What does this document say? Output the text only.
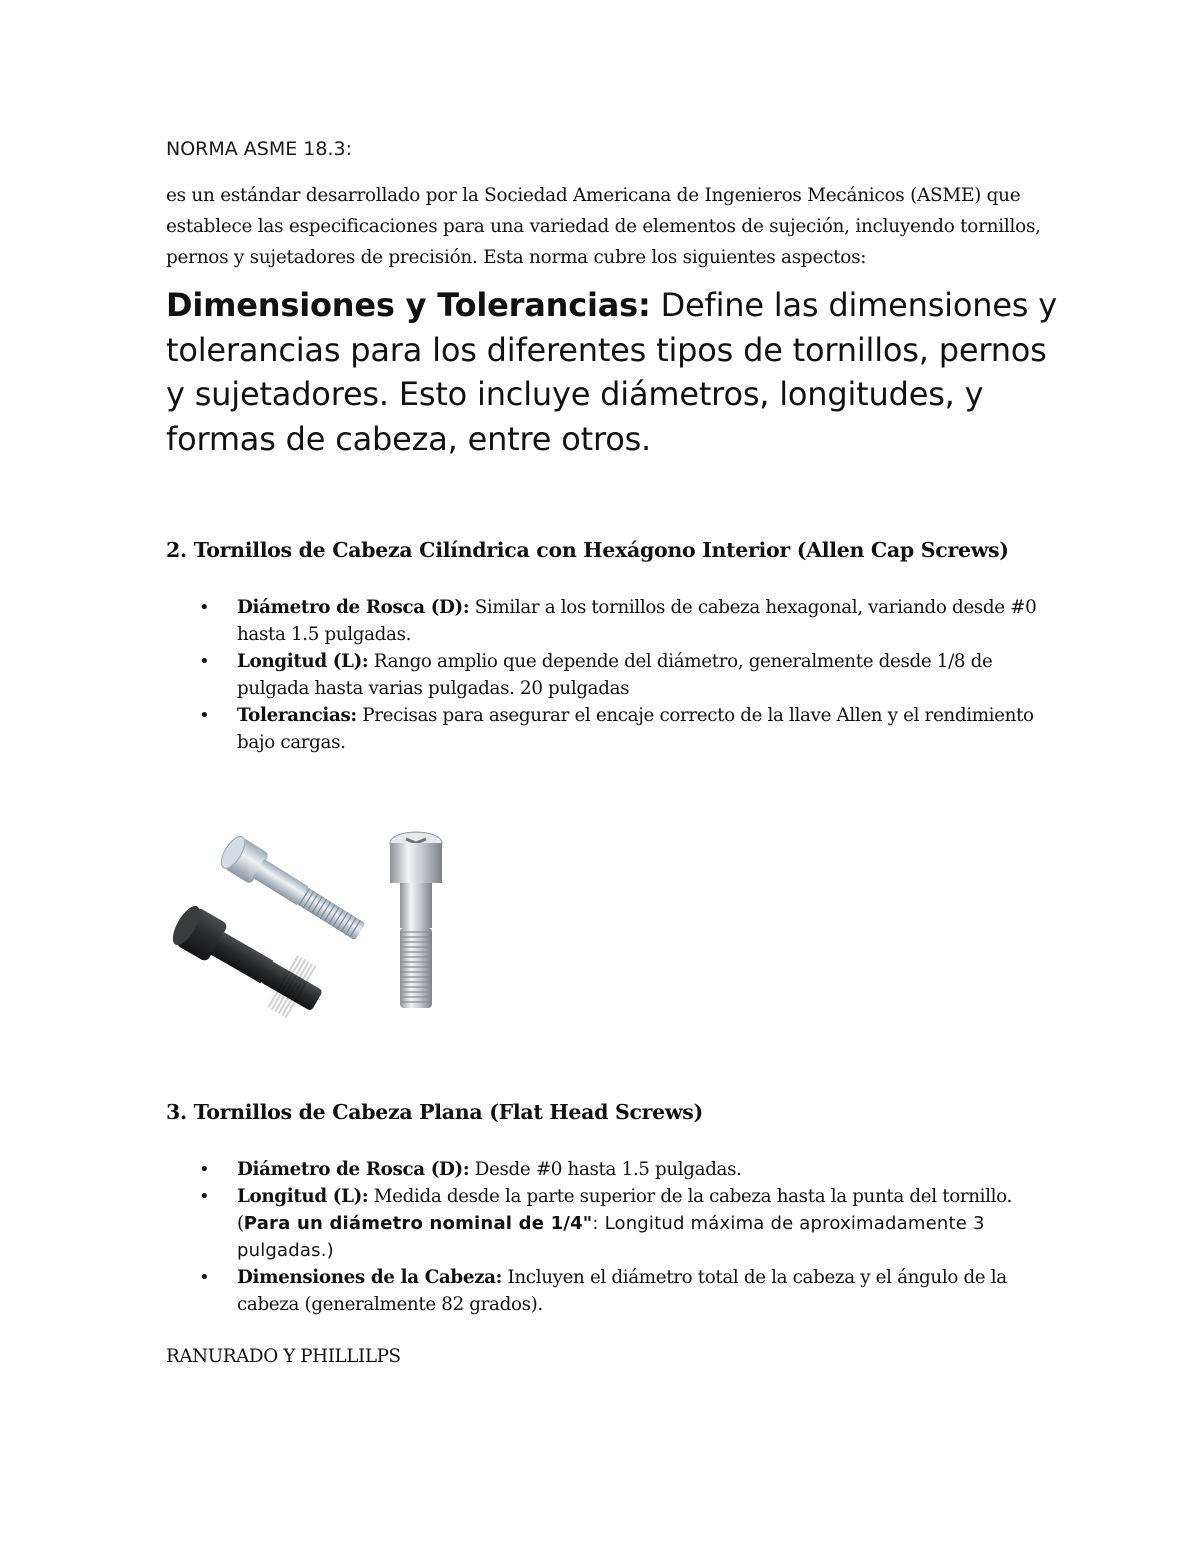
NORMA ASME 18.3:

es un estándar desarrollado por la Sociedad Americana de Ingenieros Mecánicos (ASME) que establece las especificaciones para una variedad de elementos de sujeción, incluyendo tornillos, pernos y sujetadores de precisión. Esta norma cubre los siguientes aspectos:

Dimensiones y Tolerancias: Define las dimensiones y tolerancias para los diferentes tipos de tornillos, pernos y sujetadores. Esto incluye diámetros, longitudes, y formas de cabeza, entre otros.

2. Tornillos de Cabeza Cilíndrica con Hexágono Interior (Allen Cap Screws)
• Diámetro de Rosca (D): Similar a los tornillos de cabeza hexagonal, variando desde #0 hasta 1.5 pulgadas.
• Longitud (L): Rango amplio que depende del diámetro, generalmente desde 1/8 de pulgada hasta varias pulgadas. 20 pulgadas
• Tolerancias: Precisas para asegurar el encaje correcto de la llave Allen y el rendimiento bajo cargas.
3. Tornillos de Cabeza Plana (Flat Head Screws)
• Diámetro de Rosca (D): Desde #0 hasta 1.5 pulgadas.
• Longitud (L): Medida desde la parte superior de la cabeza hasta la punta del tornillo. (Para un diámetro nominal de 1/4": Longitud máxima de aproximadamente 3 pulgadas.)
• Dimensiones de la Cabeza: Incluyen el diámetro total de la cabeza y el ángulo de la cabeza (generalmente 82 grados).
RANURADO Y PHILLILPS
